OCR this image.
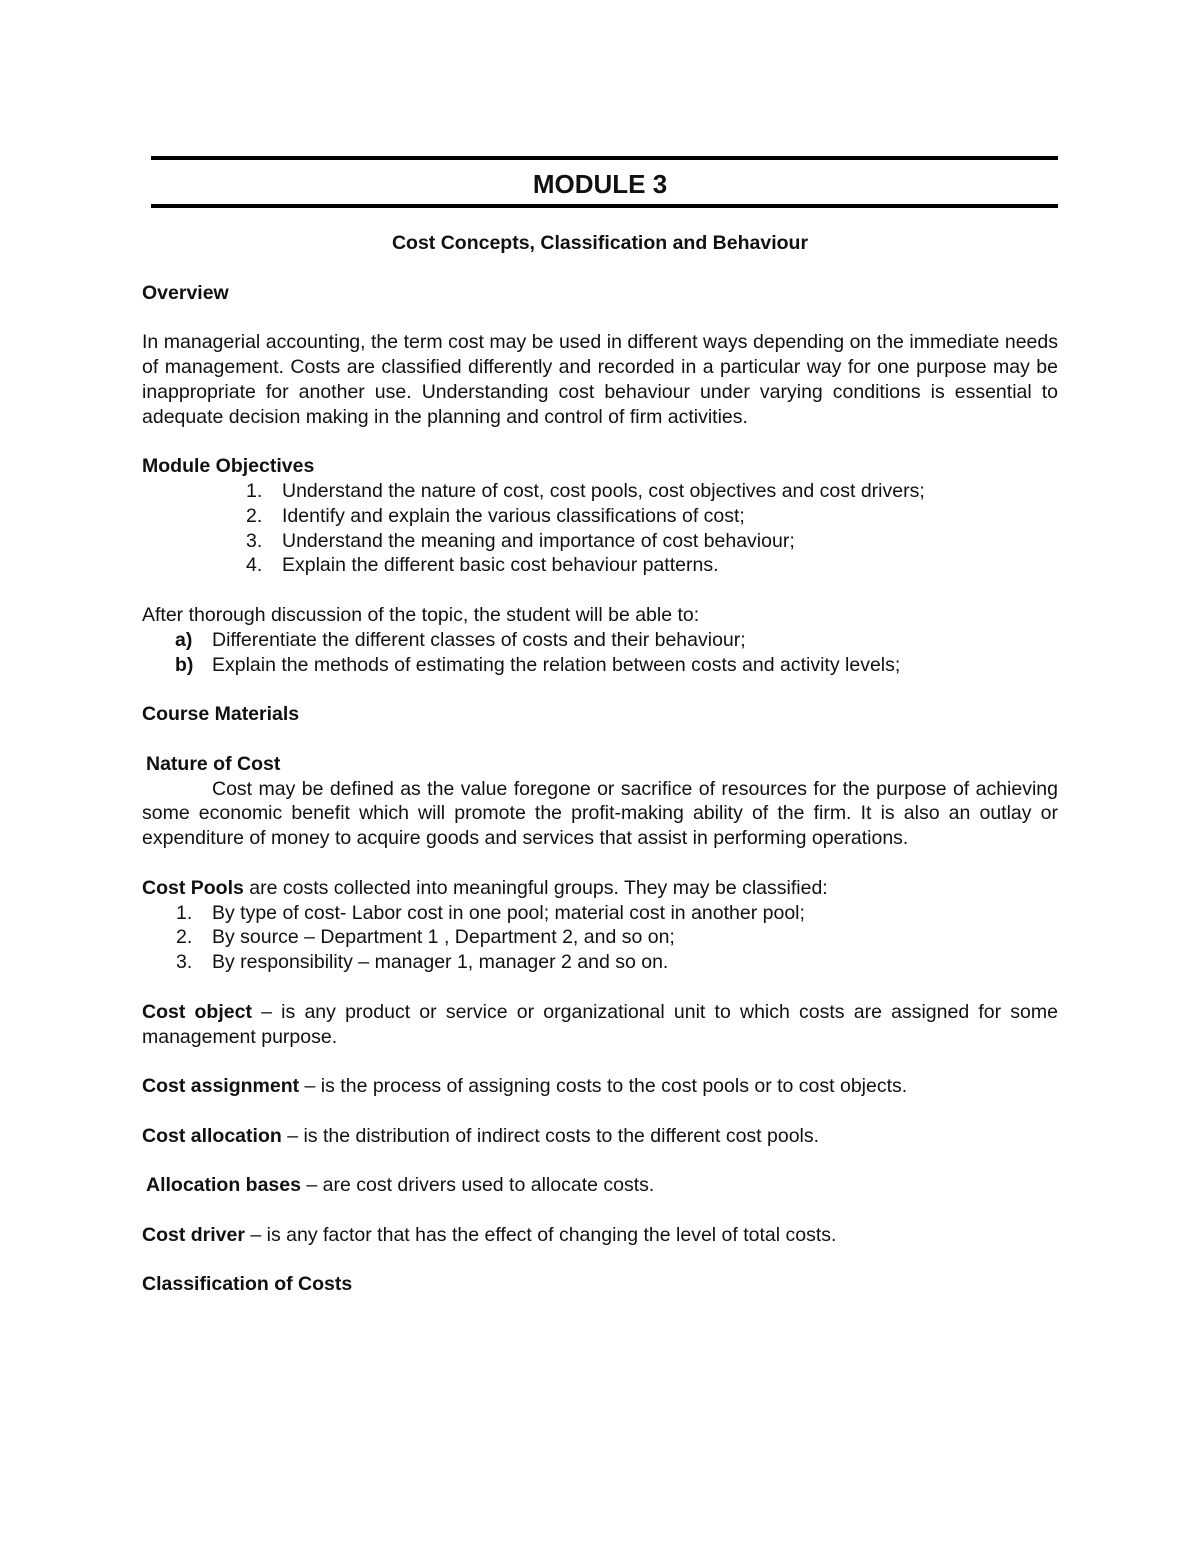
MODULE 3
Cost Concepts, Classification and Behaviour
Overview
In managerial accounting, the term cost may be used in different ways depending on the immediate needs of management. Costs are classified differently and recorded in a particular way for one purpose may be inappropriate for another use. Understanding cost behaviour under varying conditions is essential to adequate decision making in the planning and control of firm activities.
Module Objectives
1.	Understand the nature of cost, cost pools, cost objectives and cost drivers;
2.	Identify and explain the various classifications of cost;
3.	Understand the meaning and importance of cost behaviour;
4.	Explain the different basic cost behaviour patterns.
After thorough discussion of the topic, the student will be able to:
a)	Differentiate the different classes of costs and their behaviour;
b) Explain the methods of estimating the relation between costs and activity levels;
Course Materials
Nature of Cost
Cost may be defined as the value foregone or sacrifice of resources for the purpose of achieving some economic benefit which will promote the profit-making ability of the firm. It is also an outlay or expenditure of money to acquire goods and services that assist in performing operations.
Cost Pools are costs collected into meaningful groups. They may be classified:
1.	By type of cost- Labor cost in one pool; material cost in another pool;
2.	By source – Department 1 , Department 2, and so on;
3.	By responsibility – manager 1, manager 2 and so on.
Cost object – is any product or service or organizational unit to which costs are assigned for some management purpose.
Cost assignment – is the process of assigning costs to the cost pools or to cost objects.
Cost allocation – is the distribution of indirect costs to the different cost pools.
Allocation bases – are cost drivers used to allocate costs.
Cost driver – is any factor that has the effect of changing the level of total costs.
Classification of Costs
